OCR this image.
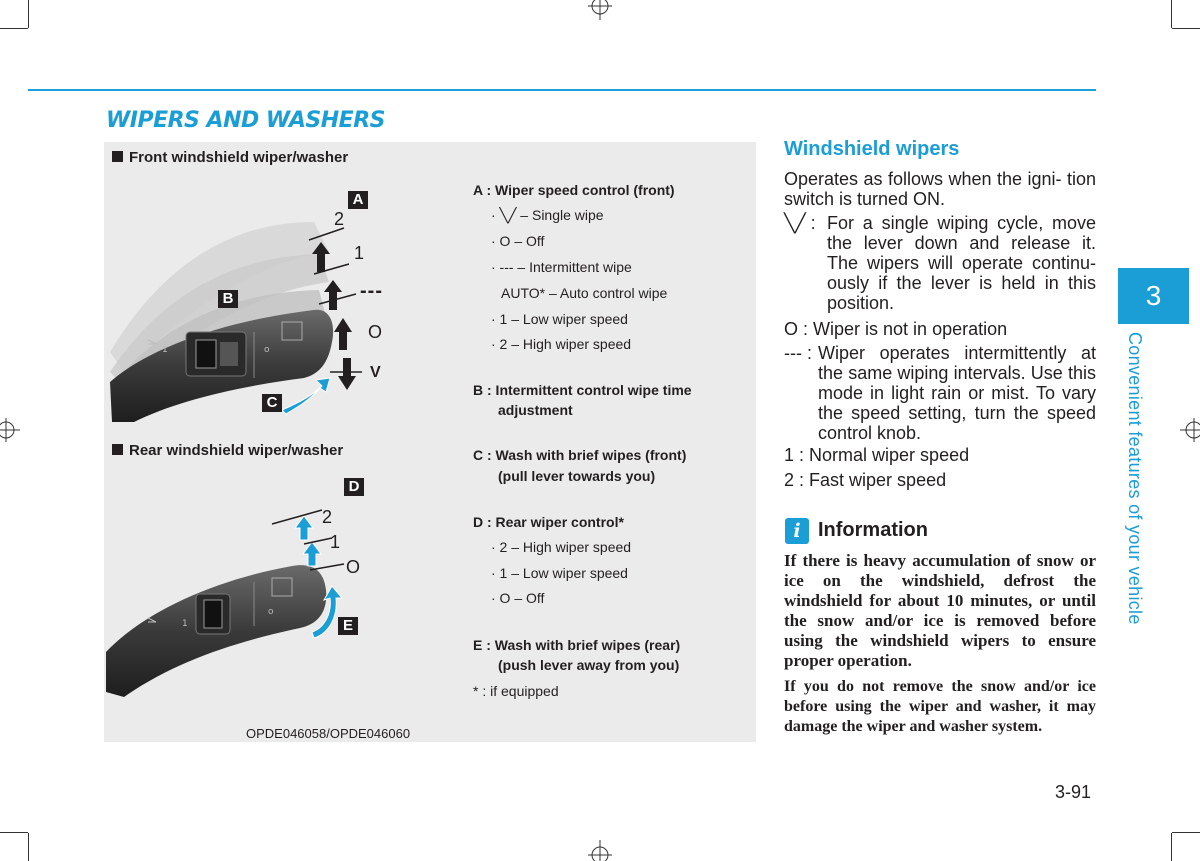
WIPERS AND WASHERS
Front windshield wiper/washer
o
1
A
B
C
2
1
---
O
V
Rear windshield wiper/washer
1
o
D
E
2
1
O
A : Wiper speed control (front)
· ╲╱ – Single wipe
· O – Off
· --- – Intermittent wipe
AUTO* – Auto control wipe
· 1 – Low wiper speed
· 2 – High wiper speed
B : Intermittent control wipe time
adjustment
C : Wash with brief wipes (front)
(pull lever towards you)
D : Rear wiper control*
· 2 – High wiper speed
· 1 – Low wiper speed
· O – Off
E : Wash with brief wipes (rear)
(push lever away from you)
* : if equipped
OPDE046058/OPDE046060
Windshield wipers
Operates as follows when the igni- tion switch is turned ON.
╲╱ : For a single wiping cycle, move the lever down and release it. The wipers will operate continu- ously if the lever is held in this position.
O : Wiper is not in operation
--- : Wiper operates intermittently at the same wiping intervals. Use this mode in light rain or mist. To vary the speed setting, turn the speed control knob.
1 : Normal wiper speed
2 : Fast wiper speed
i Information
If there is heavy accumulation of snow or ice on the windshield, defrost the windshield for about 10 minutes, or until the snow and/or ice is removed before using the windshield wipers to ensure proper operation.
If you do not remove the snow and/or ice before using the wiper and washer, it may damage the wiper and washer system.
3
Convenient features of your vehicle
3-91
